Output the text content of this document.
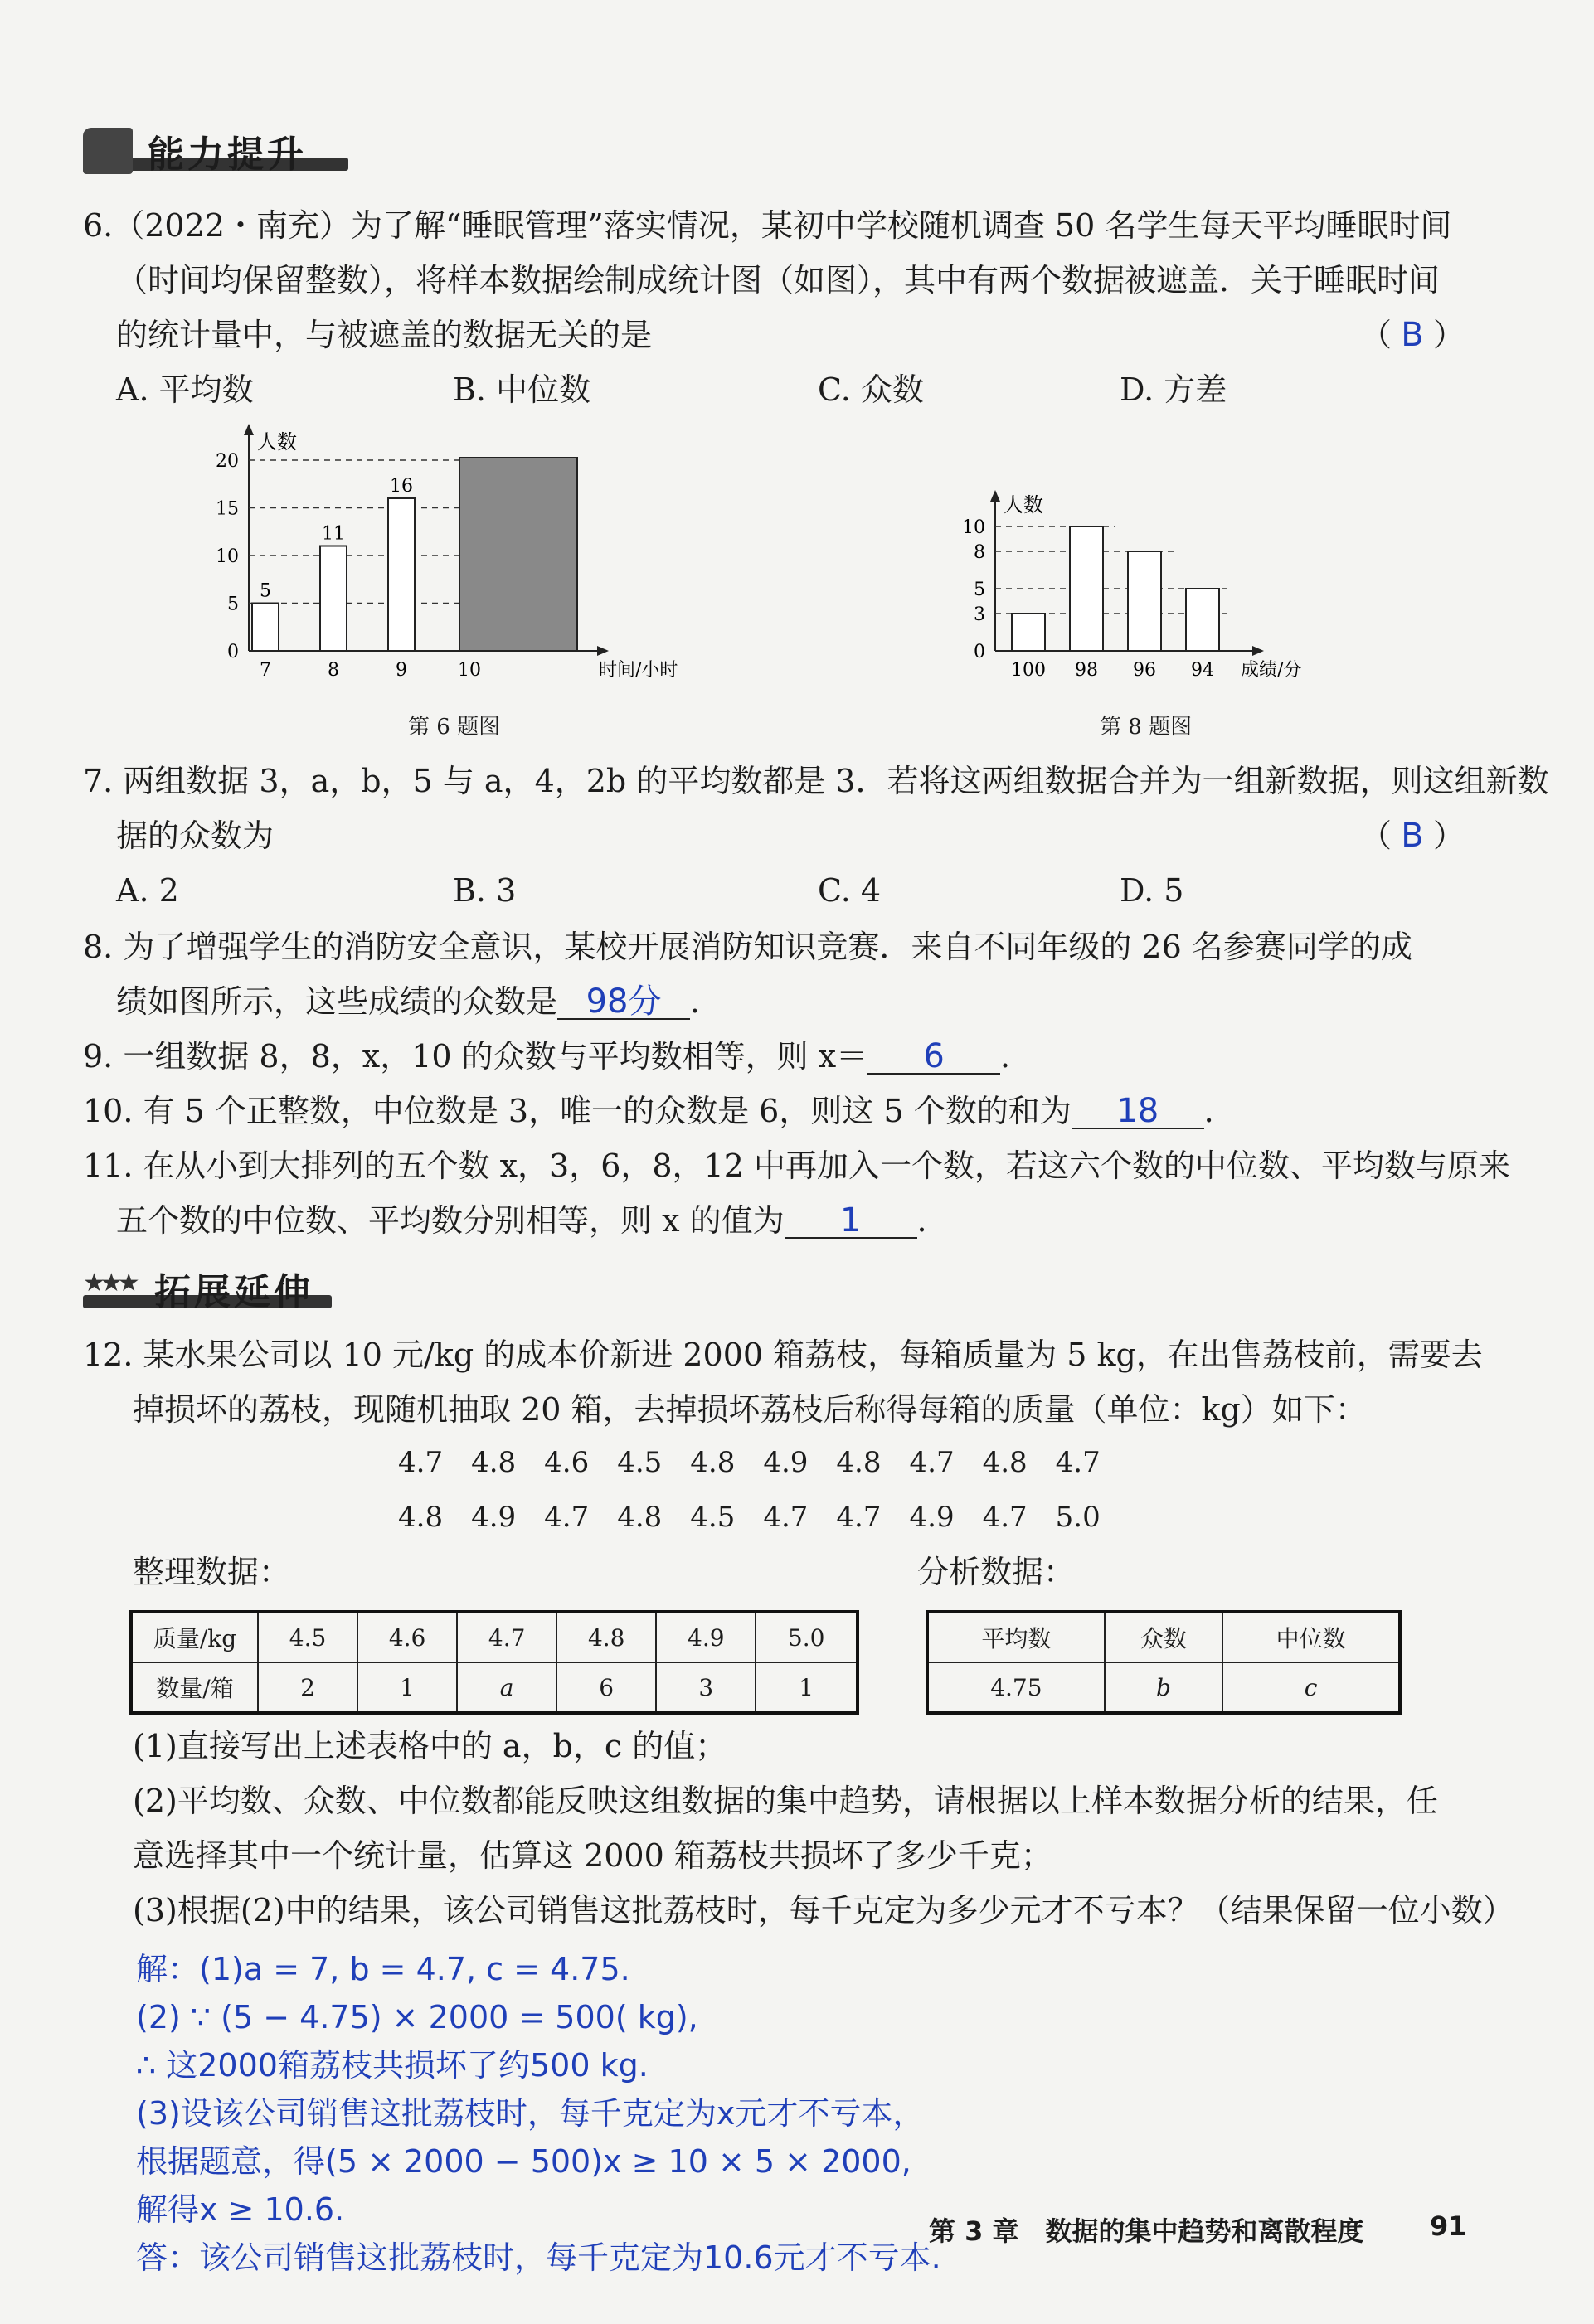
能力提升
6.（2022・南充）为了解“睡眠管理”落实情况，某初中学校随机调查 50 名学生每天平均睡眠时间
（时间均保留整数），将样本数据绘制成统计图（如图），其中有两个数据被遮盖．关于睡眠时间
的统计量中，与被遮盖的数据无关的是	（ B ）
A. 平均数	B. 中位数	C. 众数	D. 方差
人数
时间/小时
0
5
10
15
20
7
5
8
11
9
16
10
第 6 题图
人数
成绩/分
0
3
5
8
10
100 98 96 94
第 8 题图
7. 两组数据 3，a，b，5 与 a，4，2b 的平均数都是 3．若将这两组数据合并为一组新数据，则这组新数
据的众数为	（ B ）
A. 2	B. 3	C. 4	D. 5
8. 为了增强学生的消防安全意识，某校开展消防知识竞赛．来自不同年级的 26 名参赛同学的成
绩如图所示，这些成绩的众数是 98分 ．
9. 一组数据 8，8，x，10 的众数与平均数相等，则 x＝ 6 ．
10. 有 5 个正整数，中位数是 3，唯一的众数是 6，则这 5 个数的和为 18 ．
11. 在从小到大排列的五个数 x，3，6，8，12 中再加入一个数，若这六个数的中位数、平均数与原来
五个数的中位数、平均数分别相等，则 x 的值为 1 ．
★★★ 拓展延伸
12. 某水果公司以 10 元/kg 的成本价新进 2000 箱荔枝，每箱质量为 5 kg，在出售荔枝前，需要去
掉损坏的荔枝，现随机抽取 20 箱，去掉损坏荔枝后称得每箱的质量（单位：kg）如下：
4.7　4.8　4.6　4.5　4.8　4.9　4.8　4.7　4.8　4.7
4.8　4.9　4.7　4.8　4.5　4.7　4.7　4.9　4.7　5.0
整理数据：	分析数据：
质量/kg	4.5	4.6	4.7	4.8	4.9	5.0
数量/箱	2	1	a	6	3	1
平均数	众数	中位数
4.75	b	c
(1)直接写出上述表格中的 a，b，c 的值；
(2)平均数、众数、中位数都能反映这组数据的集中趋势，请根据以上样本数据分析的结果，任
意选择其中一个统计量，估算这 2000 箱荔枝共损坏了多少千克；
(3)根据(2)中的结果，该公司销售这批荔枝时，每千克定为多少元才不亏本？（结果保留一位小数）
解：(1)a = 7, b = 4.7, c = 4.75.
(2) ∵ (5 − 4.75) × 2000 = 500( kg),
∴ 这2000箱荔枝共损坏了约500 kg.
(3)设该公司销售这批荔枝时，每千克定为x元才不亏本，
根据题意，得(5 × 2000 − 500)x ≥ 10 × 5 × 2000,
解得x ≥ 10.6.
答：该公司销售这批荔枝时，每千克定为10.6元才不亏本.
第 3 章　数据的集中趋势和离散程度 91
